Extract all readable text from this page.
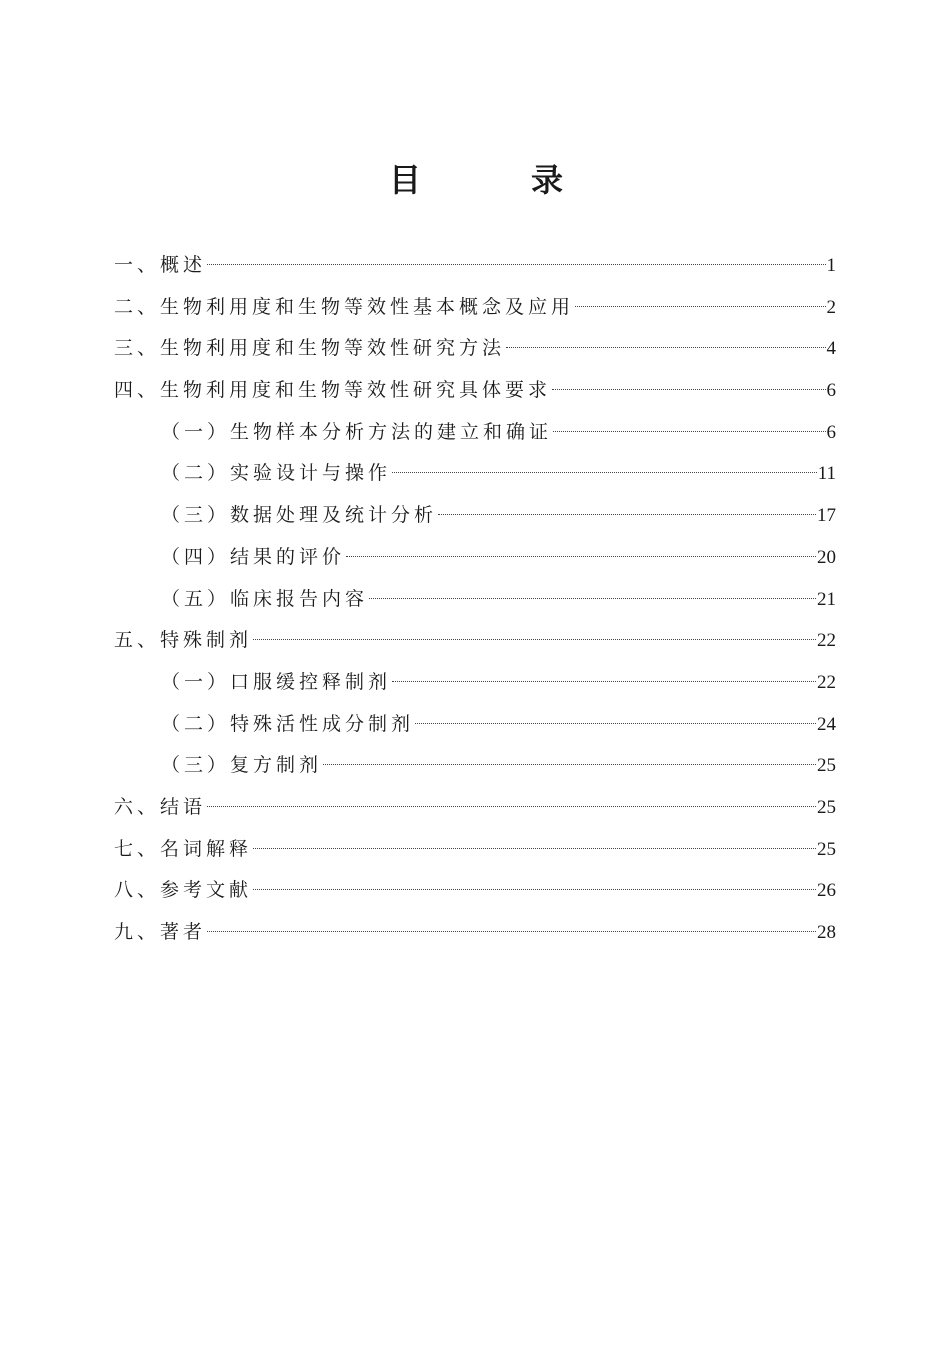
目	录
一、概述	1
二、生物利用度和生物等效性基本概念及应用	2
三、生物利用度和生物等效性研究方法	4
四、生物利用度和生物等效性研究具体要求	6
（一）生物样本分析方法的建立和确证	6
（二）实验设计与操作	11
（三）数据处理及统计分析	17
（四）结果的评价	20
（五）临床报告内容	21
五、特殊制剂	22
（一）口服缓控释制剂	22
（二）特殊活性成分制剂	24
（三）复方制剂	25
六、结语	25
七、名词解释	25
八、参考文献	26
九、著者	28
